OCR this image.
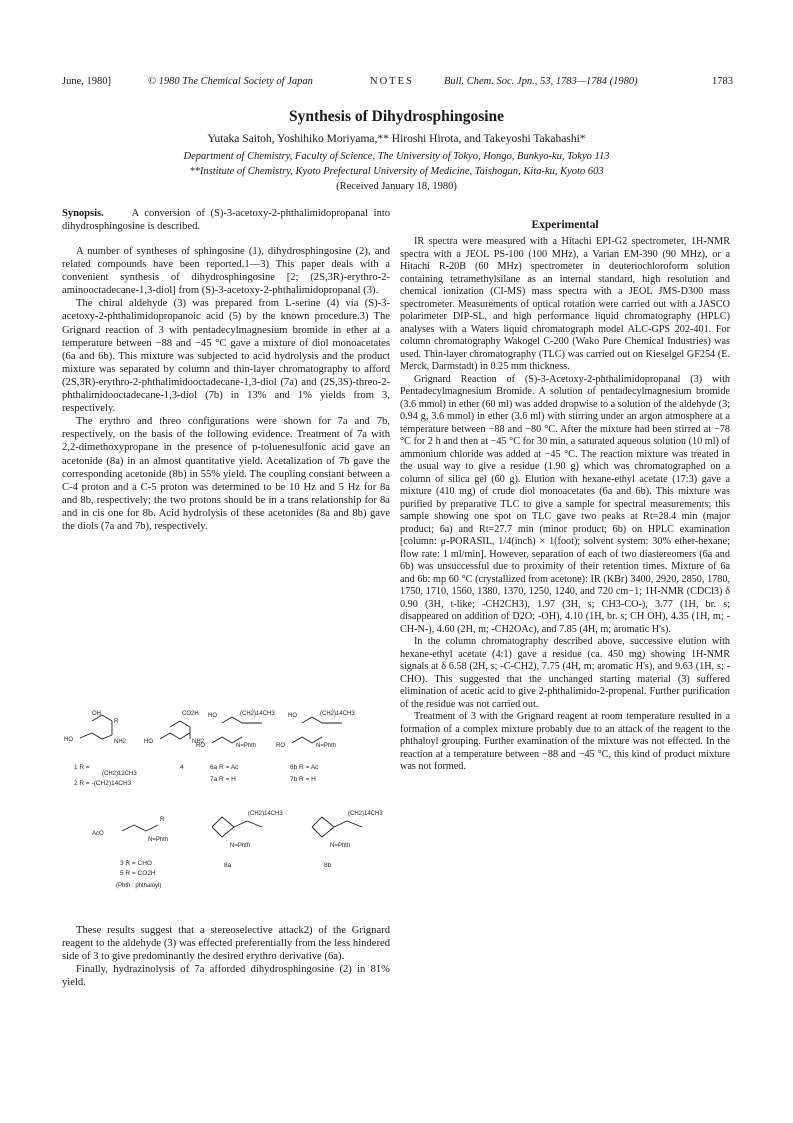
June, 1980]	© 1980 The Chemical Society of Japan	NOTES	Bull. Chem. Soc. Jpn., 53, 1783—1784 (1980)	1783
Synthesis of Dihydrosphingosine
Yutaka Saitoh, Yoshihiko Moriyama,** Hiroshi Hirota, and Takeyoshi Takahashi*
Department of Chemistry, Faculty of Science, The University of Tokyo, Hongo, Bunkyo-ku, Tokyo 113
**Institute of Chemistry, Kyoto Prefectural University of Medicine, Taishogun, Kita-ku, Kyoto 603
(Received January 18, 1980)
Synopsis.	A conversion of (S)-3-acetoxy-2-phthalimidopropanal into dihydrosphingosine is described.

A number of syntheses of sphingosine (1), dihydrosphingosine (2), and related compounds have been reported.1—3) This paper deals with a convenient synthesis of dihydrosphingosine [2; (2S,3R)-erythro-2-aminooctadecane-1,3-diol] from (S)-3-acetoxy-2-phthalimidopropanal (3).

The chiral aldehyde (3) was prepared from L-serine (4) via (S)-3-acetoxy-2-phthalimidopropanoic acid (5) by the known procedure.3) The Grignard reaction of 3 with pentadecylmagnesium bromide in ether at a temperature between −88 and −45 °C gave a mixture of diol monoacetates (6a and 6b). This mixture was subjected to acid hydrolysis and the product mixture was separated by column and thin-layer chromatography to afford (2S,3R)-erythro-2-phthalimidooctadecane-1,3-diol (7a) and (2S,3S)-threo-2-phthalimidooctadecane-1,3-diol (7b) in 13% and 1% yields from 3, respectively.

The erythro and threo configurations were shown for 7a and 7b, respectively, on the basis of the following evidence. Treatment of 7a with 2,2-dimethoxypropane in the presence of p-toluenesulfonic acid gave an acetonide (8a) in an almost quantitative yield. Acetalization of 7b gave the corresponding acetonide (8b) in 55% yield. The coupling constant between a C-4 proton and a C-5 proton was determined to be 10 Hz and 5 Hz for 8a and 8b, respectively; the two protons should be in a trans relationship for 8a and in cis one for 8b. Acid hydrolysis of these acetonides (8a and 8b) gave the diols (7a and 7b), respectively.

OH
R
HO	NH2
CO2H
HO	NH2
HO	(CH2)14CH3
RO	N=Phth
HO	(CH2)14CH3
RO	N=Phth
1 R =
(CH2)12CH3
2 R = -(CH2)14CH3
4	6a R = Ac
7a R = H
6b R = Ac
7b R = H
AcO
R
N=Phth
(CH2)14CH3
N=Phth
(CH2)14CH3
N=Phth
3 R = CHO
5 R = CO2H
(Phth : phthaloyl)
8a	8b

These results suggest that a stereoselective attack2) of the Grignard reagent to the aldehyde (3) was effected preferentially from the less hindered side of 3 to give predominantly the desired erythro derivative (6a).

Finally, hydrazinolysis of 7a afforded dihydrosphingosine (2) in 81% yield.

Experimental

IR spectra were measured with a Hitachi EPI-G2 spectrometer, 1H-NMR spectra with a JEOL PS-100 (100 MHz), a Varian EM-390 (90 MHz), or a Hitachi R-20B (60 MHz) spectrometer in deuteriochloroform solution containing tetramethylsilane as an internal standard, high resolution and chemical ionization (CI-MS) mass spectra with a JEOL JMS-D300 mass spectrometer. Measurements of optical rotation were carried out with a JASCO polarimeter DIP-SL, and high performance liquid chromatography (HPLC) analyses with a Waters liquid chromatograph model ALC-GPS 202-401. For column chromatography Wakogel C-200 (Wako Pure Chemical Industries) was used. Thin-layer chromatography (TLC) was carried out on Kieselgel GF254 (E. Merck, Darmstadt) in 0.25 mm thickness.

Grignard Reaction of (S)-3-Acetoxy-2-phthalimidopropanal (3) with Pentadecylmagnesium Bromide. A solution of pentadecylmagnesium bromide (3.6 mmol) in ether (60 ml) was added dropwise to a solution of the aldehyde (3; 0.94 g, 3.6 mmol) in ether (3.6 ml) with stirring under an argon atmosphere at a temperature between −88 and −80 °C. After the mixture had been stirred at −78 °C for 2 h and then at −45 °C for 30 min, a saturated aqueous solution (10 ml) of ammonium chloride was added at −45 °C. The reaction mixture was treated in the usual way to give a residue (1.90 g) which was chromatographed on a column of silica gel (60 g). Elution with hexane-ethyl acetate (17:3) gave a mixture (410 mg) of crude diol monoacetates (6a and 6b). This mixture was purified by preparative TLC to give a sample for spectral measurements; this sample showing one spot on TLC gave two peaks at Rt=28.4 min (major product; 6a) and Rt=27.7 min (minor product; 6b) on HPLC examination [column: μ-PORASIL, 1/4(inch) × 1(foot); solvent system: 30% ether-hexane; flow rate: 1 ml/min]. However, separation of each of two diastereomers (6a and 6b) was unsuccessful due to proximity of their retention times. Mixture of 6a and 6b: mp 60 °C (crystallized from acetone): IR (KBr) 3400, 2920, 2850, 1780, 1750, 1710, 1560, 1380, 1370, 1250, 1240, and 720 cm−1; 1H-NMR (CDCl3) δ 0.90 (3H, t-like; -CH2CH3), 1.97 (3H, s; CH3-CO-), 3.77 (1H, br. s; disappeared on addition of D2O; -OH), 4.10 (1H, br. s; CH OH), 4.35 (1H, m; -CH-N-), 4.60 (2H, m; -CH2OAc), and 7.85 (4H, m; aromatic H's).

In the column chromatography described above, successive elution with hexane-ethyl acetate (4:1) gave a residue (ca. 450 mg) showing 1H-NMR signals at δ 6.58 (2H, s; -C-CH2), 7.75 (4H, m; aromatic H's), and 9.63 (1H, s; -CHO). This suggested that the unchanged starting material (3) suffered elimination of acetic acid to give 2-phthalimido-2-propenal. Further purification of the residue was not carried out.

Treatment of 3 with the Grignard reagent at room temperature resulted in a formation of a complex mixture probably due to an attack of the reagent to the phthaloyl grouping. Further examination of the mixture was not effected. In the reaction at a temperature between −88 and −45 °C, this kind of product mixture was not formed.
